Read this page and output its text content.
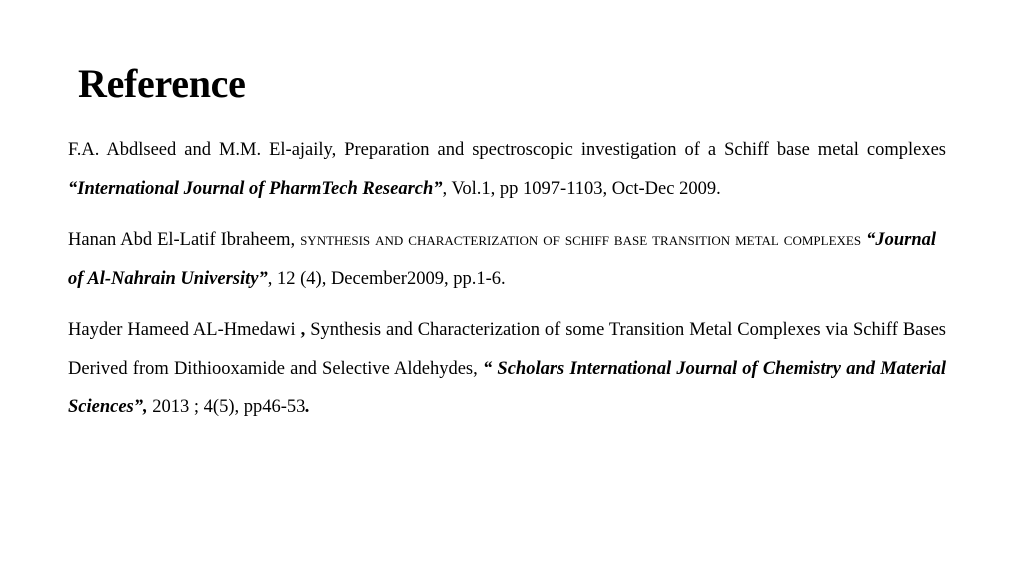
Reference

F.A. Abdlseed and M.M. El-ajaily, Preparation and spectroscopic investigation of a Schiff base metal complexes “International Journal of PharmTech Research”, Vol.1, pp 1097-1103, Oct-Dec 2009.

Hanan Abd El-Latif Ibraheem, synthesis and characterization of schiff base transition metal complexes “Journal of Al-Nahrain University”, 12 (4), December2009, pp.1-6.

Hayder Hameed AL-Hmedawi , Synthesis and Characterization of some Transition Metal Complexes via Schiff Bases Derived from Dithiooxamide and Selective Aldehydes, “ Scholars International Journal of Chemistry and Material Sciences”, 2013 ; 4(5), pp46-53.
